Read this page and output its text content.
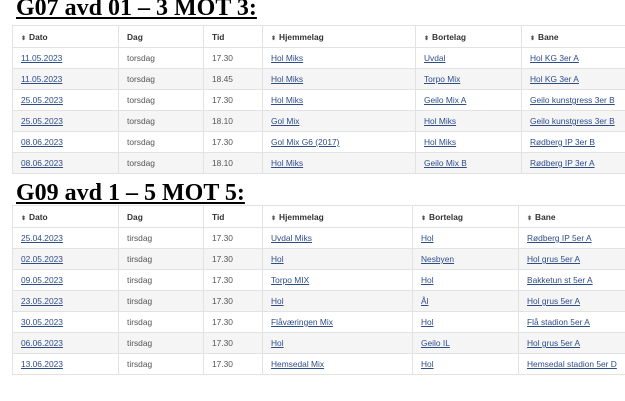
G07 avd 01 – 3 MOT 3:
⬍ Dato	Dag	Tid	⬍ Hjemmelag	⬍ Bortelag	⬍ Bane
11.05.2023	torsdag	17.30	Hol Miks	Uvdal	Hol KG 3er A
11.05.2023	torsdag	18.45	Hol Miks	Torpo Mix	Hol KG 3er A
25.05.2023	torsdag	17.30	Hol Miks	Geilo Mix A	Geilo kunstgress 3er B
25.05.2023	torsdag	18.10	Gol Mix	Hol Miks	Geilo kunstgress 3er B
08.06.2023	torsdag	17.30	Gol Mix G6 (2017)	Hol Miks	Rødberg IP 3er B
08.06.2023	torsdag	18.10	Hol Miks	Geilo Mix B	Rødberg IP 3er A
G09 avd 1 – 5 MOT 5:
⬍ Dato	Dag	Tid	⬍ Hjemmelag	⬍ Bortelag	⬍ Bane
25.04.2023	tirsdag	17.30	Uvdal Miks	Hol	Rødberg IP 5er A
02.05.2023	tirsdag	17.30	Hol	Nesbyen	Hol grus 5er A
09.05.2023	tirsdag	17.30	Torpo MIX	Hol	Bakketun st 5er A
23.05.2023	tirsdag	17.30	Hol	Ål	Hol grus 5er A
30.05.2023	tirsdag	17.30	Flåværingen Mix	Hol	Flå stadion 5er A
06.06.2023	tirsdag	17.30	Hol	Geilo IL	Hol grus 5er A
13.06.2023	tirsdag	17.30	Hemsedal Mix	Hol	Hemsedal stadion 5er D
